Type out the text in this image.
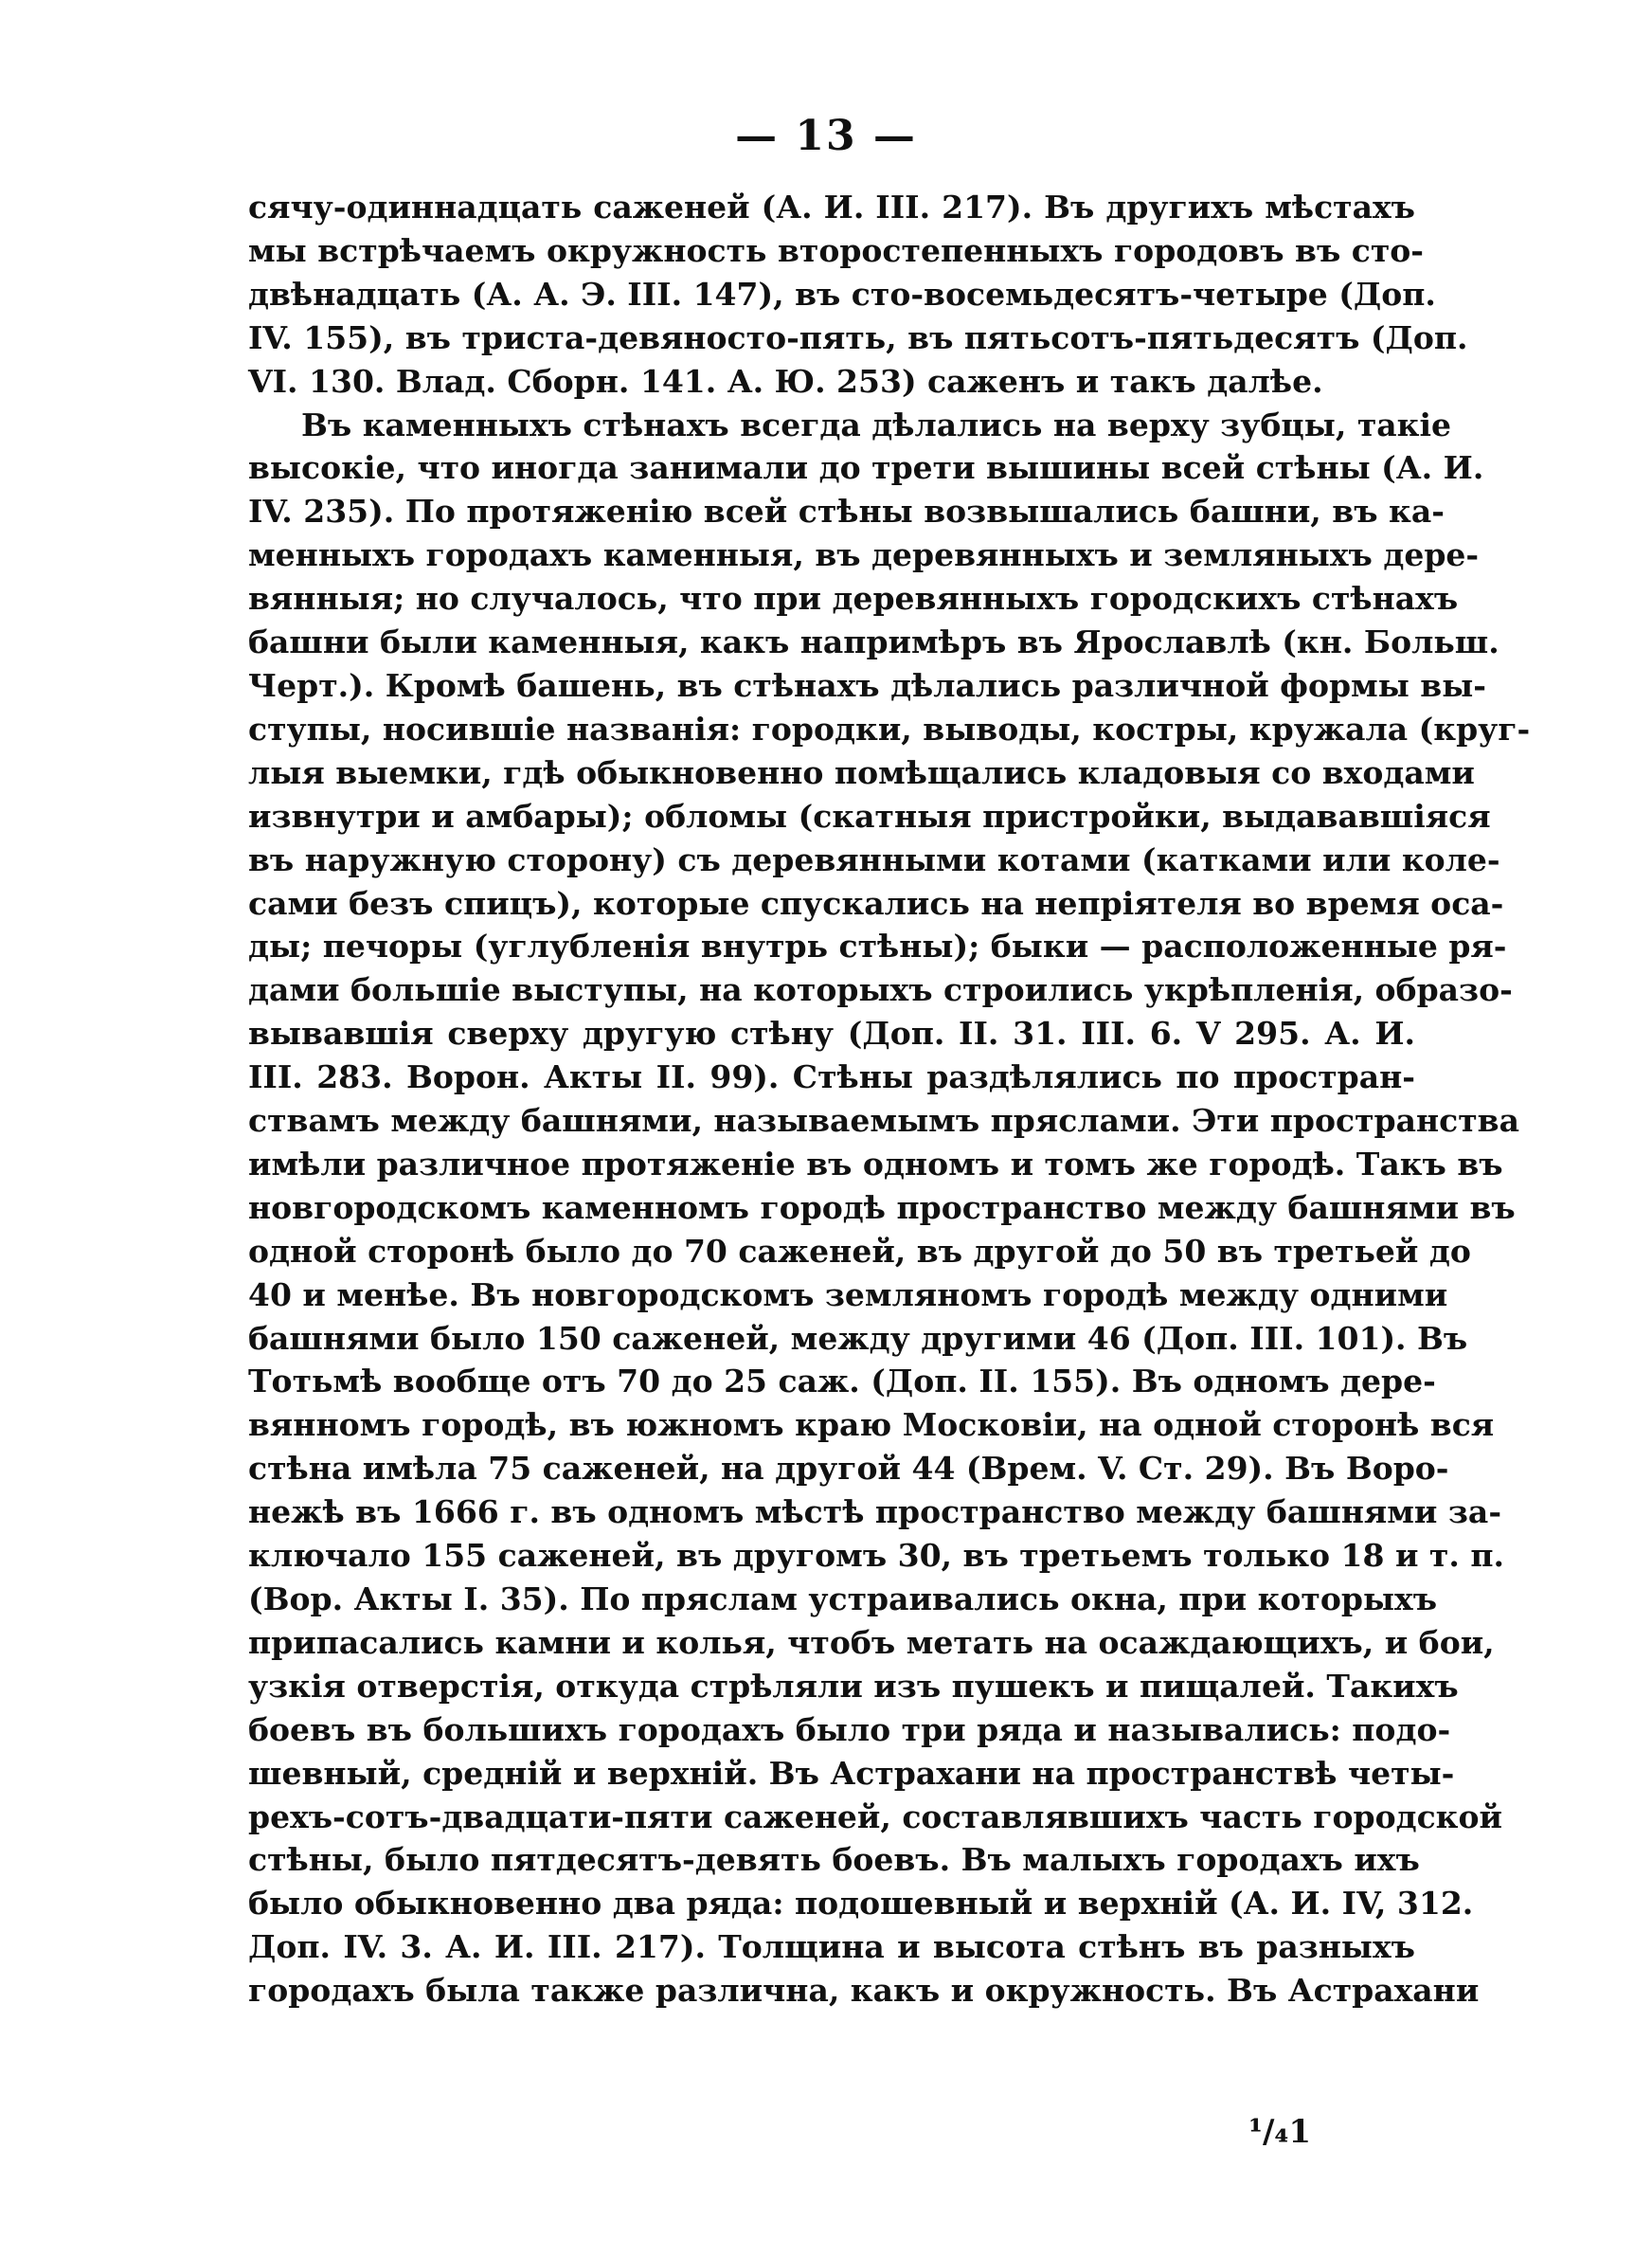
— 13 —
сячу-одиннадцать саженей (А. И. III. 217). Въ другихъ мѣстахъ
мы встрѣчаемъ окружность второстепенныхъ городовъ въ сто-
двѣнадцать (А. А. Э. III. 147), въ сто-восемьдесятъ-четыре (Доп.
IV. 155), въ триста-девяносто-пять, въ пятьсотъ-пятьдесятъ (Доп.
VI. 130. Влад. Сборн. 141. А. Ю. 253) саженъ и такъ далѣе.
Въ каменныхъ стѣнахъ всегда дѣлались на верху зубцы, такіе
высокіе, что иногда занимали до трети вышины всей стѣны (А. И.
IV. 235). По протяженію всей стѣны возвышались башни, въ ка-
менныхъ городахъ каменныя, въ деревянныхъ и земляныхъ дере-
вянныя; но случалось, что при деревянныхъ городскихъ стѣнахъ
башни были каменныя, какъ напримѣръ въ Ярославлѣ (кн. Больш.
Черт.). Кромѣ башень, въ стѣнахъ дѣлались различной формы вы-
ступы, носившіе названія: городки, выводы, костры, кружала (круг-
лыя выемки, гдѣ обыкновенно помѣщались кладовыя со входами
извнутри и амбары); обломы (скатныя пристройки, выдававшіяся
въ наружную сторону) съ деревянными котами (катками или коле-
сами безъ спицъ), которые спускались на непріятеля во время оса-
ды; печоры (углубленія внутрь стѣны); быки — расположенные ря-
дами большіе выступы, на которыхъ строились укрѣпленія, образо-
вывавшія сверху другую стѣну (Доп. II. 31. III. 6. V 295. А. И.
III. 283. Ворон. Акты II. 99). Стѣны раздѣлялись по простран-
ствамъ между башнями, называемымъ пряслами. Эти пространства
имѣли различное протяженіе въ одномъ и томъ же городѣ. Такъ въ
новгородскомъ каменномъ городѣ пространство между башнями въ
одной сторонѣ было до 70 саженей, въ другой до 50 въ третьей до
40 и менѣе. Въ новгородскомъ земляномъ городѣ между одними
башнями было 150 саженей, между другими 46 (Доп. III. 101). Въ
Тотьмѣ вообще отъ 70 до 25 саж. (Доп. II. 155). Въ одномъ дере-
вянномъ городѣ, въ южномъ краю Московіи, на одной сторонѣ вся
стѣна имѣла 75 саженей, на другой 44 (Врем. V. Ст. 29). Въ Воро-
нежѣ въ 1666 г. въ одномъ мѣстѣ пространство между башнями за-
ключало 155 саженей, въ другомъ 30, въ третьемъ только 18 и т. п.
(Вор. Акты I. 35). По пряслам устраивались окна, при которыхъ
припасались камни и колья, чтобъ метать на осаждающихъ, и бои,
узкія отверстія, откуда стрѣляли изъ пушекъ и пищалей. Такихъ
боевъ въ большихъ городахъ было три ряда и назывались: подо-
шевный, средній и верхній. Въ Астрахани на пространствѣ четы-
рехъ-сотъ-двадцати-пяти саженей, составлявшихъ часть городской
стѣны, было пятдесятъ-девять боевъ. Въ малыхъ городахъ ихъ
было обыкновенно два ряда: подошевный и верхній (А. И. IV, 312.
Доп. IV. 3. А. И. III. 217). Толщина и высота стѣнъ въ разныхъ
городахъ была также различна, какъ и окружность. Въ Астрахани
¹/₄1
